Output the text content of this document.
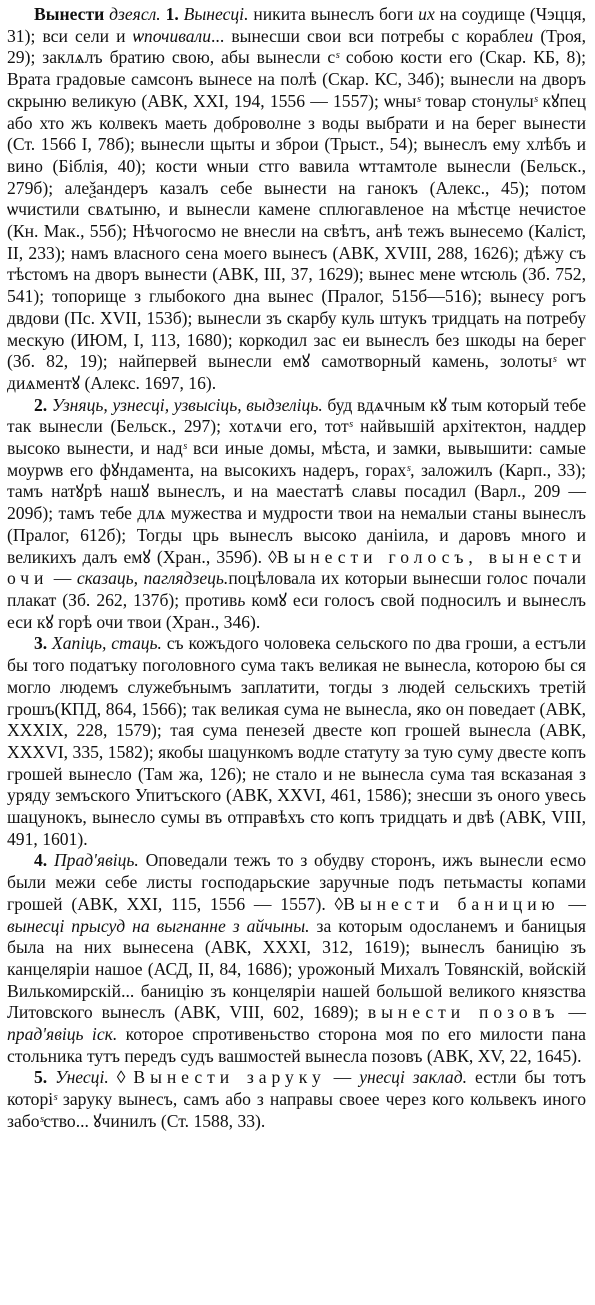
Вынести дзеясл. 1. Вынесці. никита вынеслъ боги их на соудище (Чэцця, 31); вси сели и ѡпочивали... вынесши свои вси потребы с кораблеи (Троя, 29); заклѧлъ братию свою, абы вынесли сˢ собою кости его (Скар. КБ, 8); Врата градовые самсонъ вынесе на полѣ (Скар. КС, 34б); вынесли на дворъ скрыню великую (АВК, XXI, 194, 1556 — 1557); ѡныˢ товар стонулыˢ кꙋпец або хто жъ колвекъ маеть доброволне з воды выбрати и на берег вынести (Ст. 1566 I, 78б); вынесли щыты и зброи (Трыст., 54); вынеслъ ему хлѣбъ и вино (Біблія, 40); кости ѡныи стго вавила ѡттамтоле вынесли (Бельск., 279б); алеѯандеръ казалъ себе вынести на ганокъ (Алекс., 45); потом ѡчистили свѧтыню, и вынесли камене сплюгавленое на мѣстце нечистое (Кн. Мак., 55б); Нѣчогосмо не внесли на свѣтъ, анѣ тежъ вынесемо (Каліст, II, 233); намъ власного сена моего вынесъ (АВК, XVIII, 288, 1626); дѣжу съ тѣстомъ на дворъ вынести (АВК, III, 37, 1629); вынес мене ѡтсюль (Зб. 752, 541); топорище з глыбокого дна вынес (Пралог, 515б—516); вынесу рогъ двдови (Пс. XVII, 153б); вынесли зъ скарбу куль штукъ тридцать на потребу мескую (ИЮМ, I, 113, 1680); коркодил зас еи вынеслъ без шкоды на берег (Зб. 82, 19); найпервей вынесли емꙋ самотворный камень, золотыˢ ѡт диѧментꙋ (Алекс. 1697, 16).

2. Узняць, узнесці, узвысіць, выдзеліць. буд вдѧчным кꙋ тым который тебе так вынесли (Бельск., 297); хотѧчи его, тотˢ найвышій архітектон, наддер высоко вынести, и надˢ вси иные домы, мѣста, и замки, вывышити: самые моурѡв его фꙋндамента, на высокихъ надеръ, горахˢ, заложилъ (Карп., 33); тамъ натꙋрѣ нашꙋ вынеслъ, и на маестатѣ славы посадил (Варл., 209 — 209б); тамъ тебе длѧ мужества и мудрости твои на немалыи станы вынеслъ (Пралог, 612б); Тогды црь вынеслъ высоко даніила, и даровъ много и великихъ далъ емꙋ (Хран., 359б). ◊Вынести голосъ, вынести очи — сказаць, паглядзець.поцѣловала их которыи вынесши голос почали плакат (Зб. 262, 137б); противь комꙋ еси голосъ свой подносилъ и вынеслъ еси кꙋ горѣ очи твои (Хран., 346).

3. Хапіць, стаць. съ кожъдого чоловека сельского по два гроши, а естъли бы того податъку поголовного сума такъ великая не вынесла, которою бы ся могло людемъ служебънымъ заплатити, тогды з людей сельскихъ третій грошъ(КПД, 864, 1566); так великая сума не вынесла, яко он поведает (АВК, XXXIX, 228, 1579); тая сума пенезей двесте коп грошей вынесла (АВК, XXXVI, 335, 1582); якобы шацункомъ водле статуту за тую суму двесте копъ грошей вынесло (Там жа, 126); не стало и не вынесла сума тая всказаная з уряду земъского Упитъского (АВК, XXVI, 461, 1586); знесши зъ оного увесь шацунокъ, вынесло сумы въ отправѣхъ сто копъ тридцать и двѣ (АВК, VIII, 491, 1601).

4. Прад'явіць. Оповедали тежъ то з обудву сторонъ, ижъ вынесли есмо были межи себе листы господарьские заручные подъ петьмасты копами грошей (АВК, XXI, 115, 1556 — 1557). ◊Вынести баницию — вынесці прысуд на выгнанне з айчыны. за которым одосланемъ и баницыя была на них вынесена (АВК, XXXI, 312, 1619); вынеслъ баницію зъ канцеляріи нашое (АСД, II, 84, 1686); урожоный Михалъ Товянскій, войскій Вилькомирскій... баницію зъ концеляріи нашей большой великого князства Литовского вынеслъ (АВК, VIII, 602, 1689); вынести позовъ — прад'явіць іск. которое спротивеньство сторона моя по его милости пана стольника тутъ передъ судъ вашмостей вынесла позовъ (АВК, XV, 22, 1645).

5. Унесці. ◊ Вынести заруку — унесці заклад. естли бы тотъ которіˢ заруку вынесъ, самъ або з направы своее через кого кольвекъ иного забоˢство... ꙋчинилъ (Ст. 1588, 33).
